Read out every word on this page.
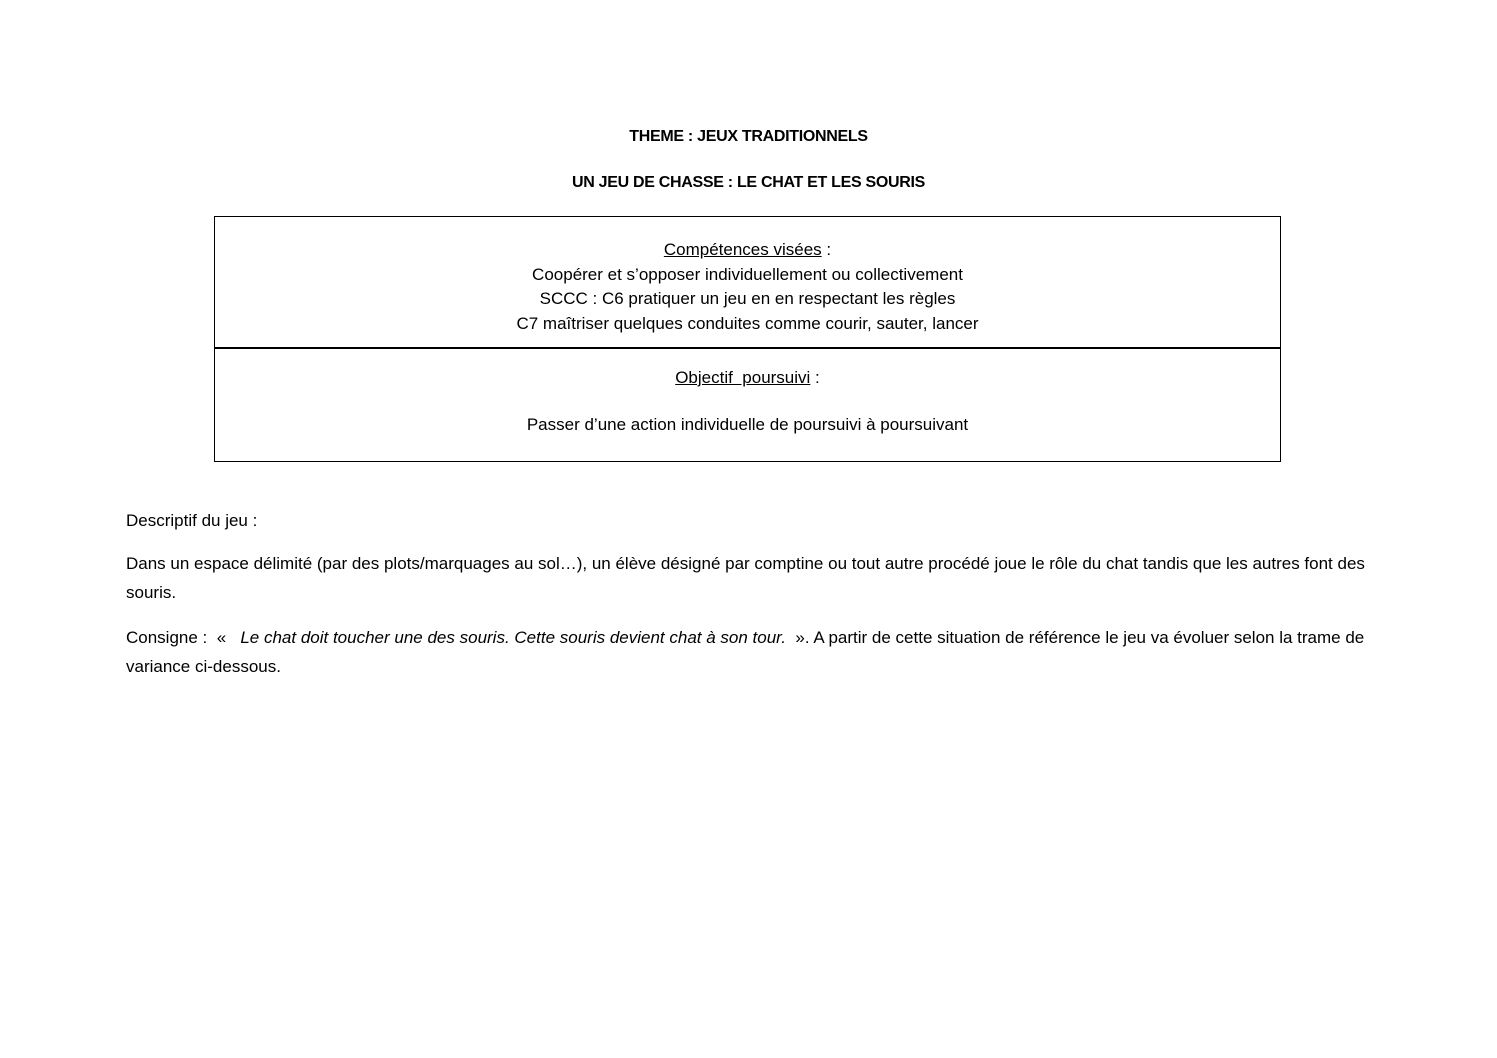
THEME : JEUX TRADITIONNELS
UN JEU DE CHASSE : LE CHAT ET LES SOURIS
Compétences visées :
Coopérer et s’opposer individuellement ou collectivement
SCCC : C6 pratiquer un jeu en en respectant les règles
C7 maîtriser quelques conduites comme courir, sauter, lancer
Objectif  poursuivi :
Passer d’une action individuelle de poursuivi à poursuivant
Descriptif du jeu :
Dans un espace délimité (par des plots/marquages au sol…), un élève désigné par comptine ou tout autre procédé joue le rôle du chat tandis que les autres font des souris.
Consigne :  «   Le chat doit toucher une des souris. Cette souris devient chat à son tour.  ». A partir de cette situation de référence le jeu va évoluer selon la trame de variance ci-dessous.
